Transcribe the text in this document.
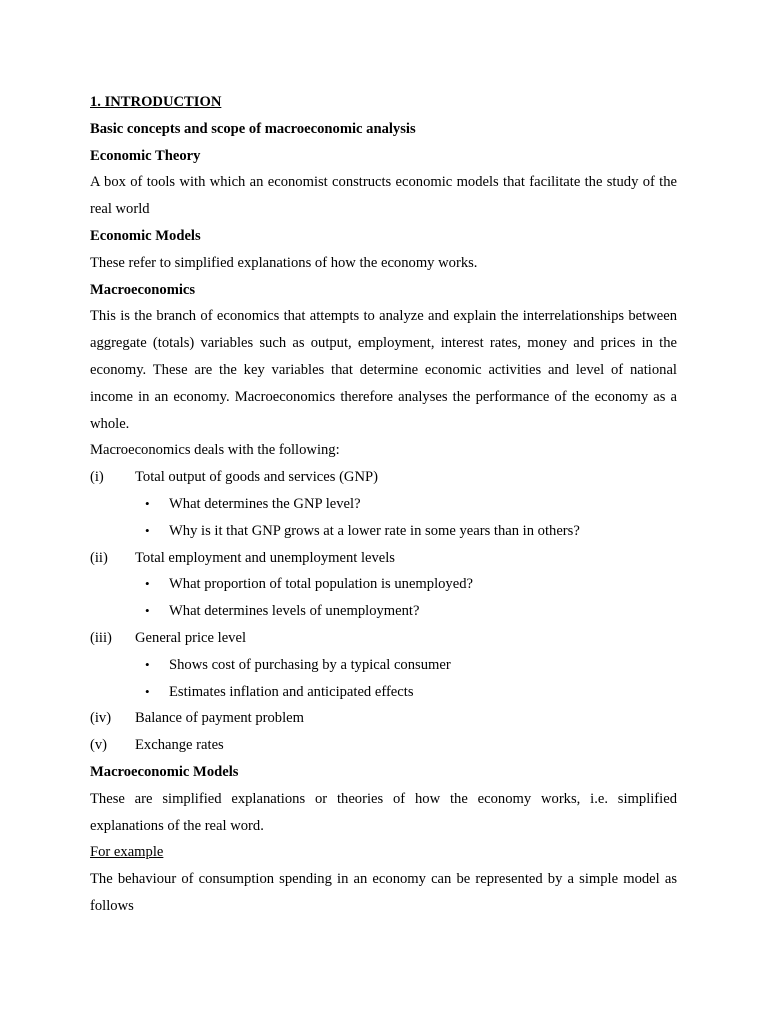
1. INTRODUCTION

Basic concepts and scope of macroeconomic analysis

Economic Theory

A box of tools with which an economist constructs economic models that facilitate the study of the real world

Economic Models

These refer to simplified explanations of how the economy works.

Macroeconomics

This is the branch of economics that attempts to analyze and explain the interrelationships between aggregate (totals) variables such as output, employment, interest rates, money and prices in the economy. These are the key variables that determine economic activities and level of national income in an economy. Macroeconomics therefore analyses the performance of the economy as a whole.

Macroeconomics deals with the following:

(i) Total output of goods and services (GNP)
• What determines the GNP level?
• Why is it that GNP grows at a lower rate in some years than in others?
(ii) Total employment and unemployment levels
• What proportion of total population is unemployed?
• What determines levels of unemployment?
(iii) General price level
• Shows cost of purchasing by a typical consumer
• Estimates inflation and anticipated effects
(iv) Balance of payment problem
(v) Exchange rates

Macroeconomic Models

These are simplified explanations or theories of how the economy works, i.e. simplified explanations of the real word.

For example

The behaviour of consumption spending in an economy can be represented by a simple model as follows
